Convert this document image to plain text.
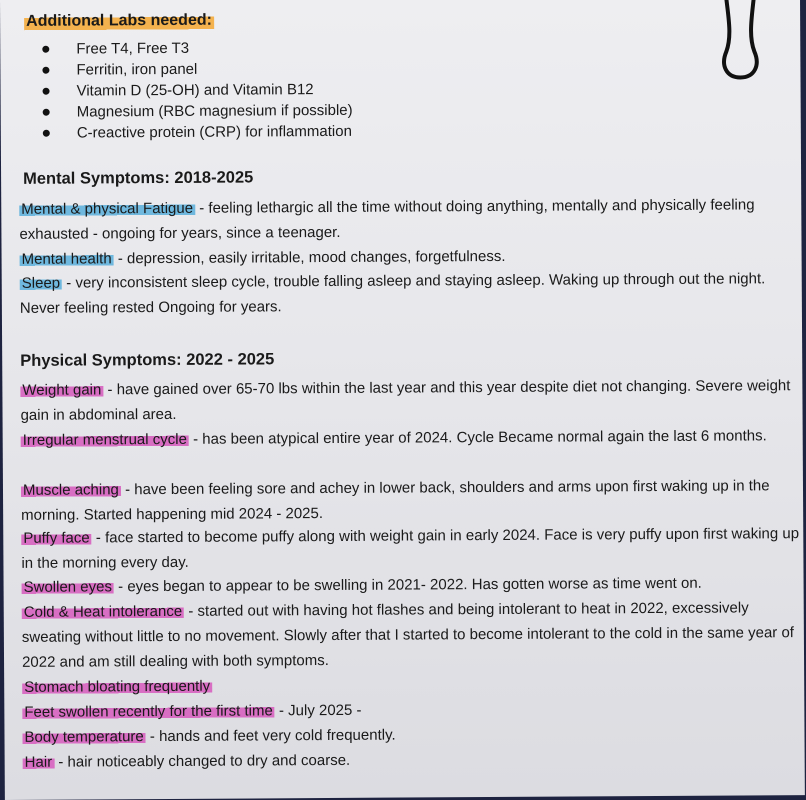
Additional Labs needed:
Free T4, Free T3
Ferritin, iron panel
Vitamin D (25-OH) and Vitamin B12
Magnesium (RBC magnesium if possible)
C-reactive protein (CRP) for inflammation
Mental Symptoms: 2018-2025

Mental & physical Fatigue - feeling lethargic all the time without doing anything, mentally and physically feeling exhausted - ongoing for years, since a teenager.

Mental health - depression, easily irritable, mood changes, forgetfulness.

Sleep - very inconsistent sleep cycle, trouble falling asleep and staying asleep. Waking up through out the night. Never feeling rested Ongoing for years.

Physical Symptoms: 2022 - 2025

Weight gain - have gained over 65-70 lbs within the last year and this year despite diet not changing. Severe weight gain in abdominal area.

Irregular menstrual cycle - has been atypical entire year of 2024. Cycle Became normal again the last 6 months.

Muscle aching - have been feeling sore and achey in lower back, shoulders and arms upon first waking up in the morning. Started happening mid 2024 - 2025.

Puffy face - face started to become puffy along with weight gain in early 2024. Face is very puffy upon first waking up in the morning every day.

Swollen eyes - eyes began to appear to be swelling in 2021- 2022. Has gotten worse as time went on.

Cold & Heat intolerance - started out with having hot flashes and being intolerant to heat in 2022, excessively sweating without little to no movement. Slowly after that I started to become intolerant to the cold in the same year of 2022 and am still dealing with both symptoms.

Stomach bloating frequently

Feet swollen recently for the first time - July 2025 -

Body temperature - hands and feet very cold frequently.

Hair - hair noticeably changed to dry and coarse.
